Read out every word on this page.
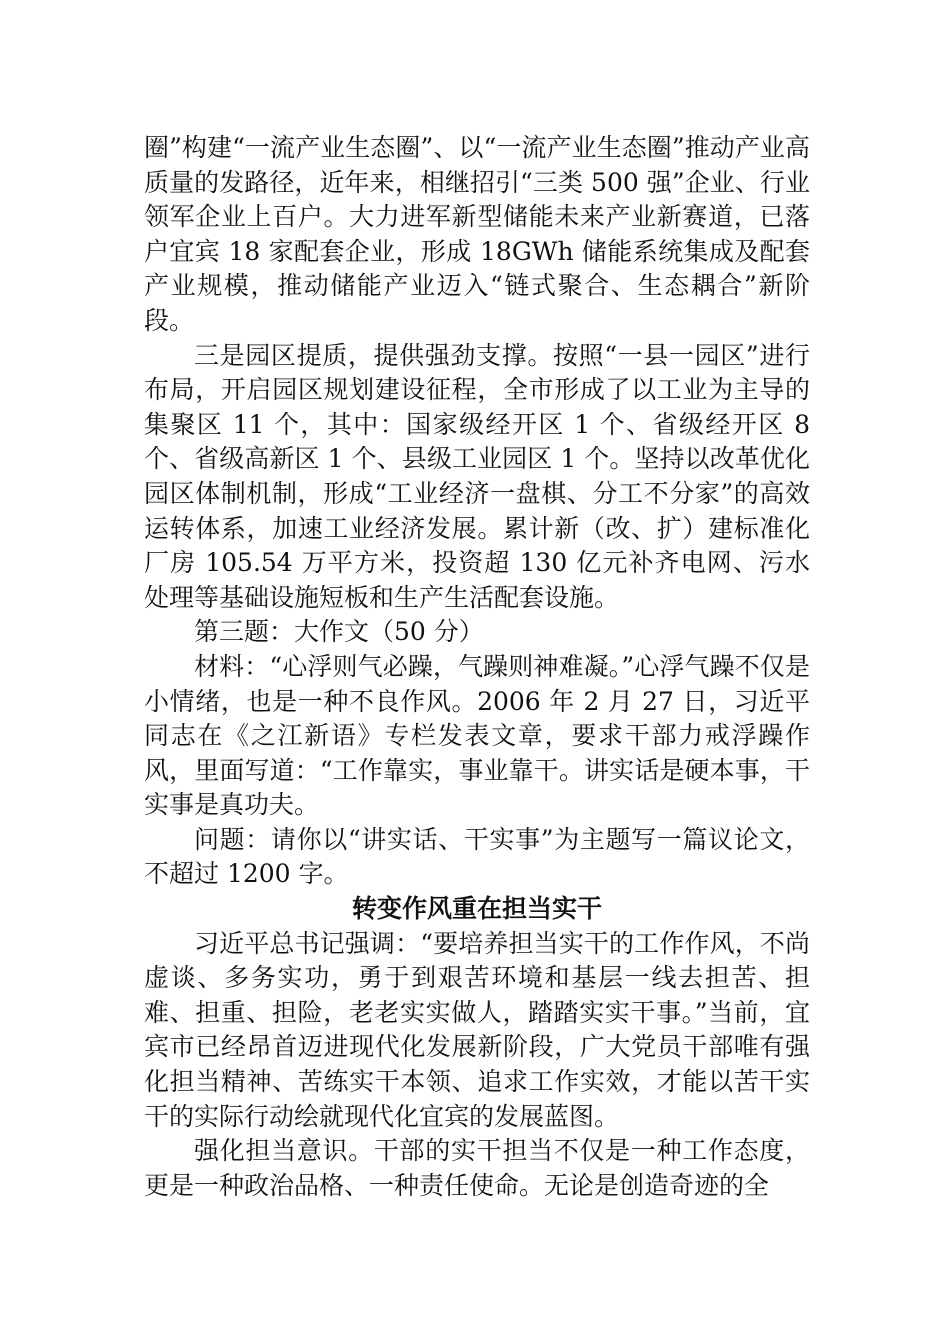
圈”构建“一流产业生态圈”、以“一流产业生态圈”推动产业高质量的发路径，近年来，相继招引“三类 500 强”企业、行业领军企业上百户。大力进军新型储能未来产业新赛道，已落户宜宾 18 家配套企业，形成 18GWh 储能系统集成及配套产业规模，推动储能产业迈入“链式聚合、生态耦合”新阶段。

三是园区提质，提供强劲支撑。按照“一县一园区”进行布局，开启园区规划建设征程，全市形成了以工业为主导的集聚区 11 个，其中：国家级经开区 1 个、省级经开区 8 个、省级高新区 1 个、县级工业园区 1 个。坚持以改革优化园区体制机制，形成“工业经济一盘棋、分工不分家”的高效运转体系，加速工业经济发展。累计新（改、扩）建标准化厂房 105.54 万平方米，投资超 130 亿元补齐电网、污水处理等基础设施短板和生产生活配套设施。

第三题：大作文（50 分）

材料：“心浮则气必躁，气躁则神难凝。”心浮气躁不仅是小情绪，也是一种不良作风。2006 年 2 月 27 日，习近平同志在《之江新语》专栏发表文章，要求干部力戒浮躁作风，里面写道：“工作靠实，事业靠干。讲实话是硬本事，干实事是真功夫。

问题：请你以“讲实话、干实事”为主题写一篇议论文，不超过 1200 字。

转变作风重在担当实干

习近平总书记强调：“要培养担当实干的工作作风，不尚虚谈、多务实功，勇于到艰苦环境和基层一线去担苦、担难、担重、担险，老老实实做人，踏踏实实干事。”当前，宜宾市已经昂首迈进现代化发展新阶段，广大党员干部唯有强化担当精神、苦练实干本领、追求工作实效，才能以苦干实干的实际行动绘就现代化宜宾的发展蓝图。

强化担当意识。干部的实干担当不仅是一种工作态度，更是一种政治品格、一种责任使命。无论是创造奇迹的全
